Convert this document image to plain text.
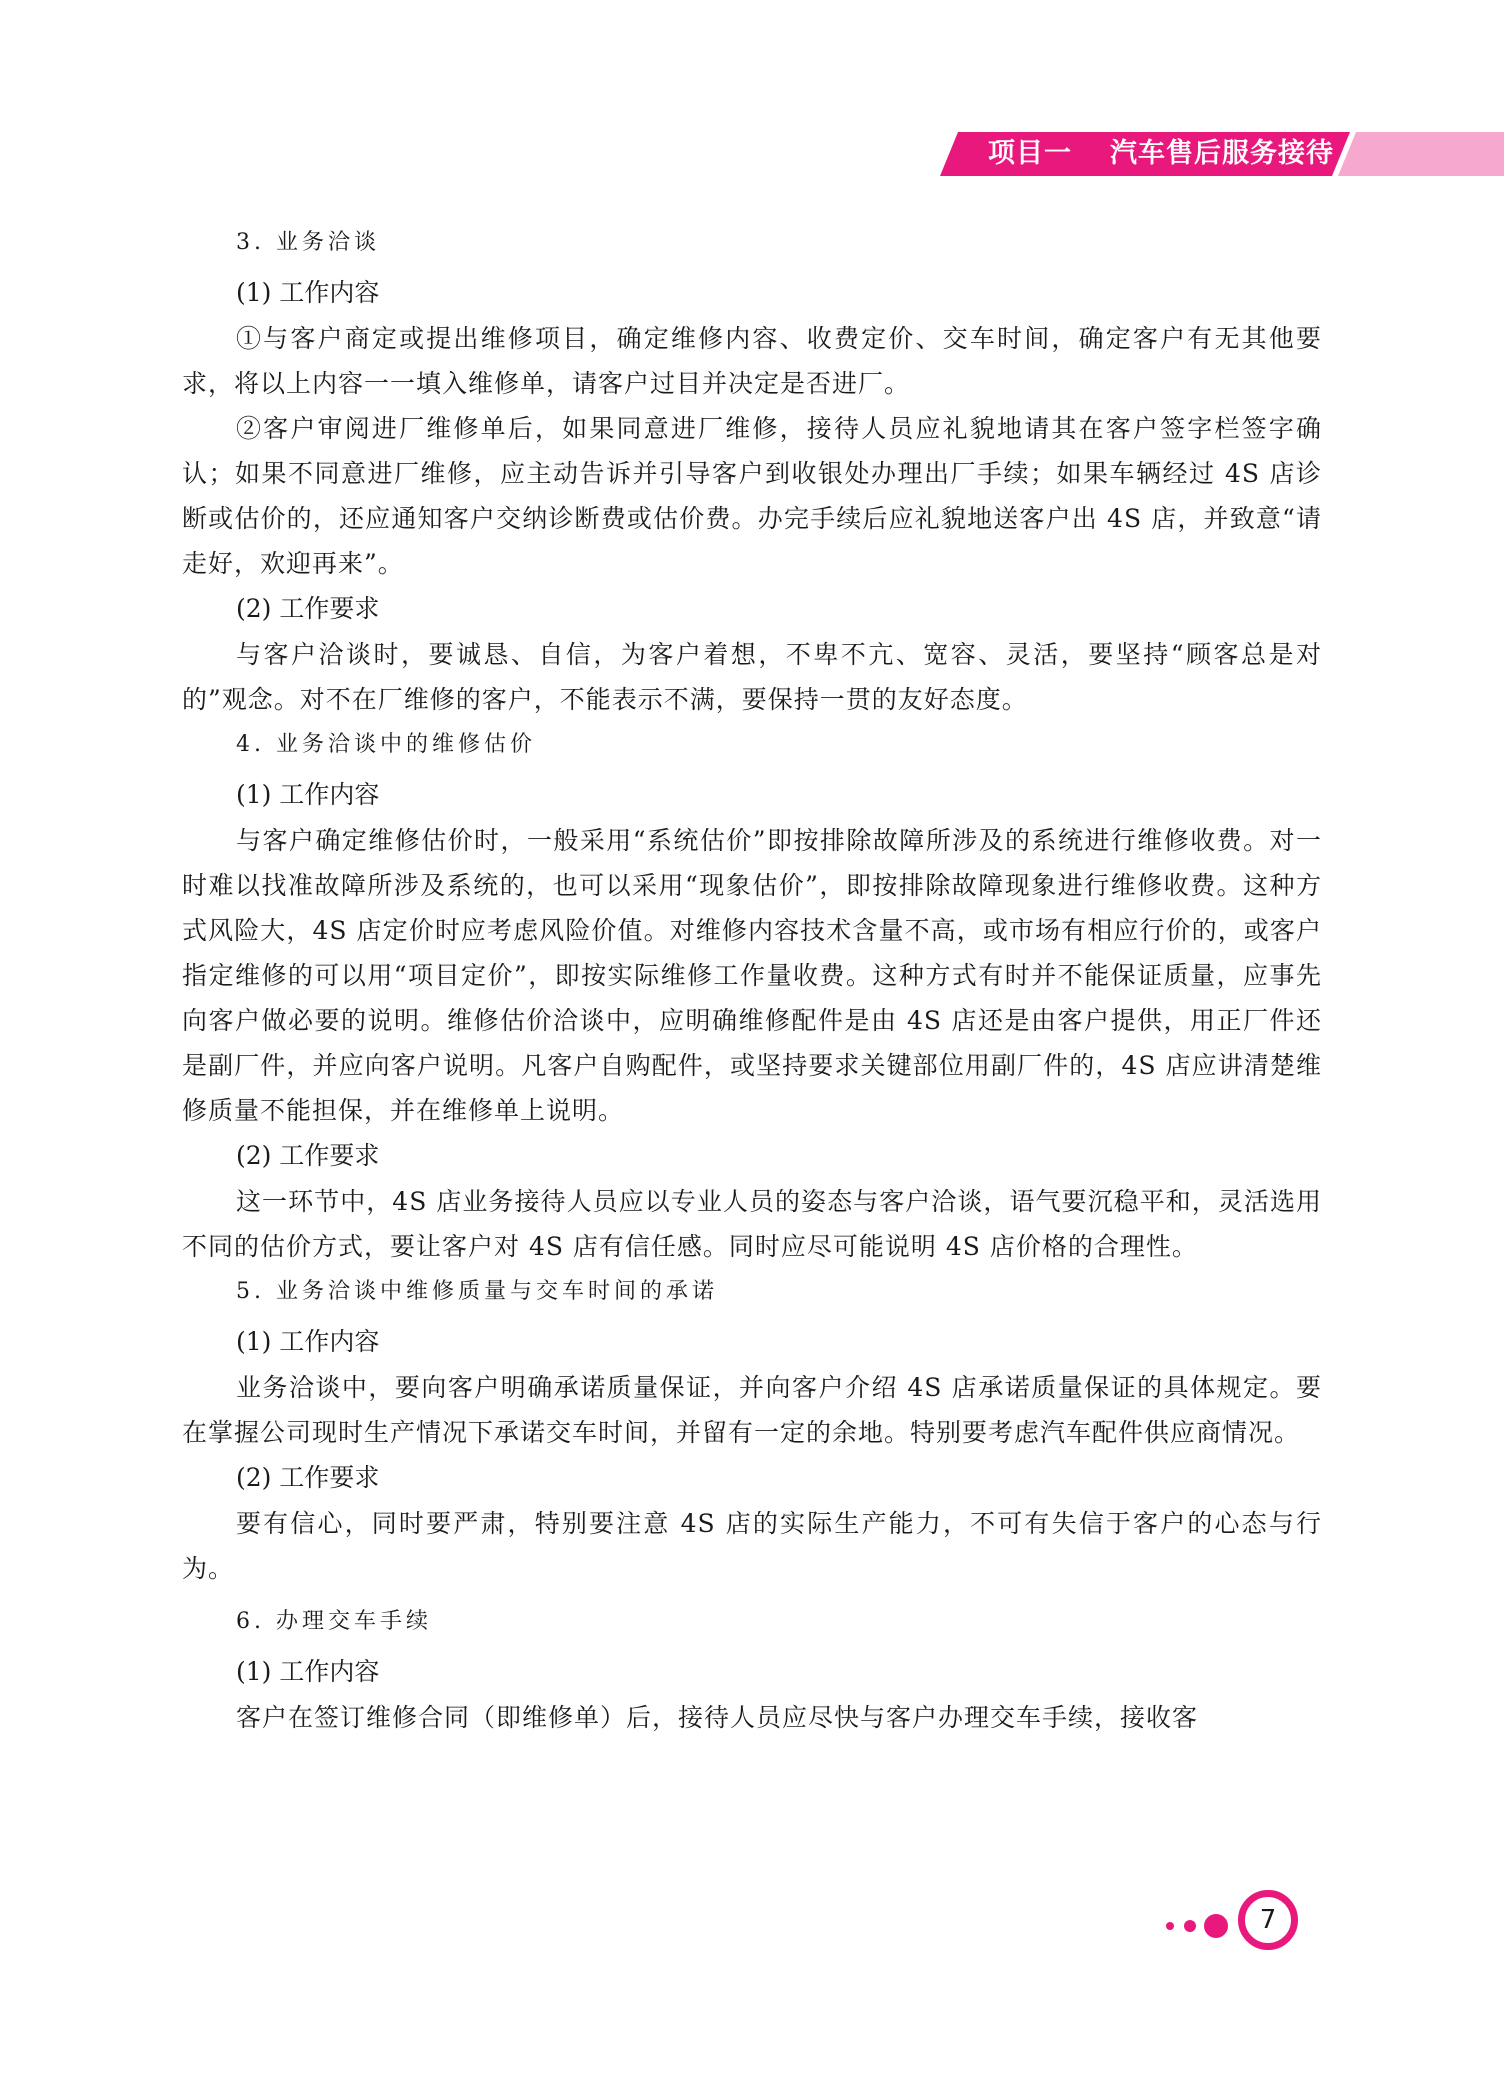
项目一 汽车售后服务接待
3. 业务洽谈
(1) 工作内容

①与客户商定或提出维修项目，确定维修内容、收费定价、交车时间，确定客户有无其他要求，将以上内容一一填入维修单，请客户过目并决定是否进厂。

②客户审阅进厂维修单后，如果同意进厂维修，接待人员应礼貌地请其在客户签字栏签字确认；如果不同意进厂维修，应主动告诉并引导客户到收银处办理出厂手续；如果车辆经过 4S 店诊断或估价的，还应通知客户交纳诊断费或估价费。办完手续后应礼貌地送客户出 4S 店，并致意“请走好，欢迎再来”。

(2) 工作要求

与客户洽谈时，要诚恳、自信，为客户着想，不卑不亢、宽容、灵活，要坚持“顾客总是对的”观念。对不在厂维修的客户，不能表示不满，要保持一贯的友好态度。

4. 业务洽谈中的维修估价
(1) 工作内容

与客户确定维修估价时，一般采用“系统估价”即按排除故障所涉及的系统进行维修收费。对一时难以找准故障所涉及系统的，也可以采用“现象估价”，即按排除故障现象进行维修收费。这种方式风险大，4S 店定价时应考虑风险价值。对维修内容技术含量不高，或市场有相应行价的，或客户指定维修的可以用“项目定价”，即按实际维修工作量收费。这种方式有时并不能保证质量，应事先向客户做必要的说明。维修估价洽谈中，应明确维修配件是由 4S 店还是由客户提供，用正厂件还是副厂件，并应向客户说明。凡客户自购配件，或坚持要求关键部位用副厂件的，4S 店应讲清楚维修质量不能担保，并在维修单上说明。

(2) 工作要求

这一环节中，4S 店业务接待人员应以专业人员的姿态与客户洽谈，语气要沉稳平和，灵活选用不同的估价方式，要让客户对 4S 店有信任感。同时应尽可能说明 4S 店价格的合理性。

5. 业务洽谈中维修质量与交车时间的承诺
(1) 工作内容

业务洽谈中，要向客户明确承诺质量保证，并向客户介绍 4S 店承诺质量保证的具体规定。要在掌握公司现时生产情况下承诺交车时间，并留有一定的余地。特别要考虑汽车配件供应商情况。

(2) 工作要求

要有信心，同时要严肃，特别要注意 4S 店的实际生产能力，不可有失信于客户的心态与行为。

6. 办理交车手续
(1) 工作内容

客户在签订维修合同（即维修单）后，接待人员应尽快与客户办理交车手续，接收客

7
